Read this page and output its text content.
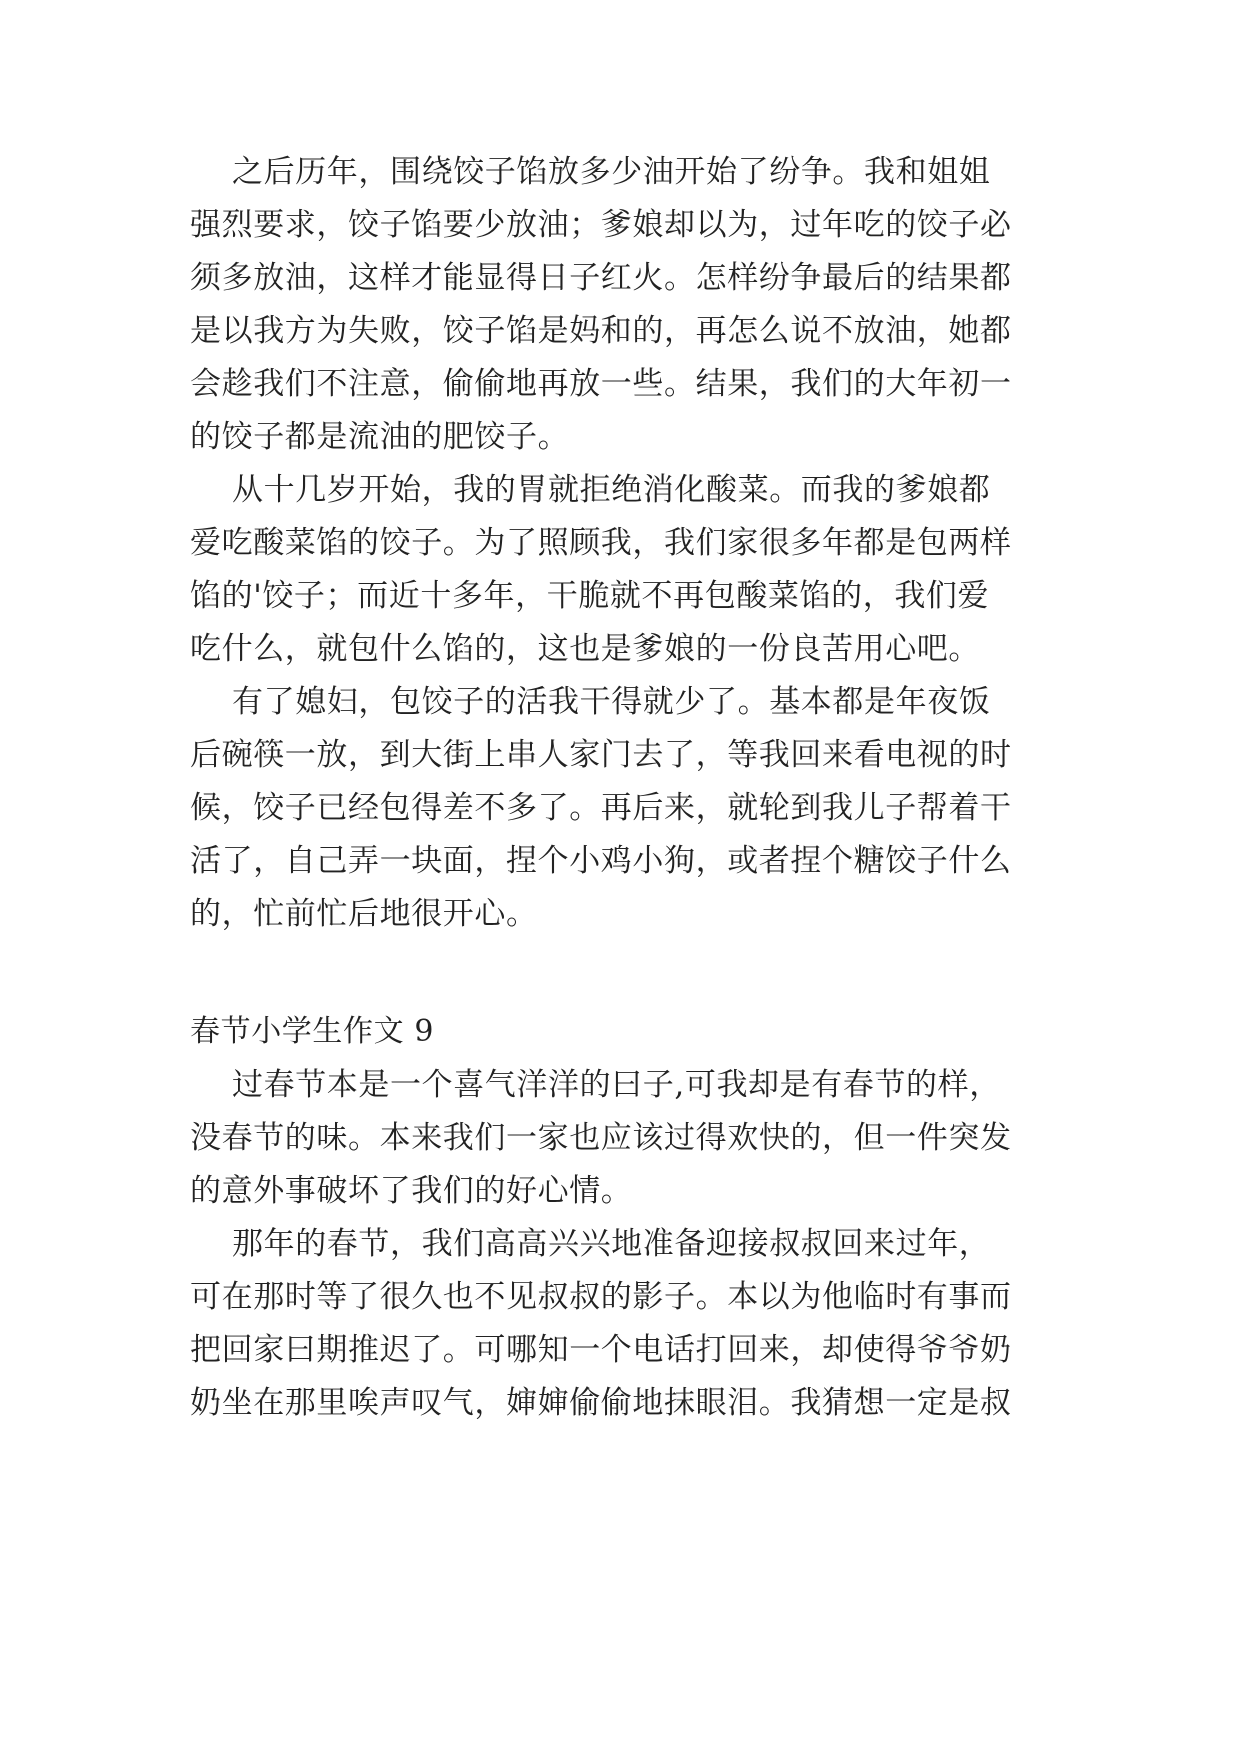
之后历年，围绕饺子馅放多少油开始了纷争。我和姐姐
强烈要求，饺子馅要少放油；爹娘却以为，过年吃的饺子必
须多放油，这样才能显得日子红火。怎样纷争最后的结果都
是以我方为失败，饺子馅是妈和的，再怎么说不放油，她都
会趁我们不注意，偷偷地再放一些。结果，我们的大年初一
的饺子都是流油的肥饺子。
从十几岁开始，我的胃就拒绝消化酸菜。而我的爹娘都
爱吃酸菜馅的饺子。为了照顾我，我们家很多年都是包两样
馅的'饺子；而近十多年，干脆就不再包酸菜馅的，我们爱
吃什么，就包什么馅的，这也是爹娘的一份良苦用心吧。
有了媳妇，包饺子的活我干得就少了。基本都是年夜饭
后碗筷一放，到大街上串人家门去了，等我回来看电视的时
候，饺子已经包得差不多了。再后来，就轮到我儿子帮着干
活了，自己弄一块面，捏个小鸡小狗，或者捏个糖饺子什么
的，忙前忙后地很开心。
春节小学生作文 9
过春节本是一个喜气洋洋的曰子,可我却是有春节的样，
没春节的味。本来我们一家也应该过得欢快的，但一件突发
的意外事破坏了我们的好心情。
那年的春节，我们高高兴兴地准备迎接叔叔回来过年，
可在那时等了很久也不见叔叔的影子。本以为他临时有事而
把回家曰期推迟了。可哪知一个电话打回来，却使得爷爷奶
奶坐在那里唉声叹气，婶婶偷偷地抹眼泪。我猜想一定是叔
